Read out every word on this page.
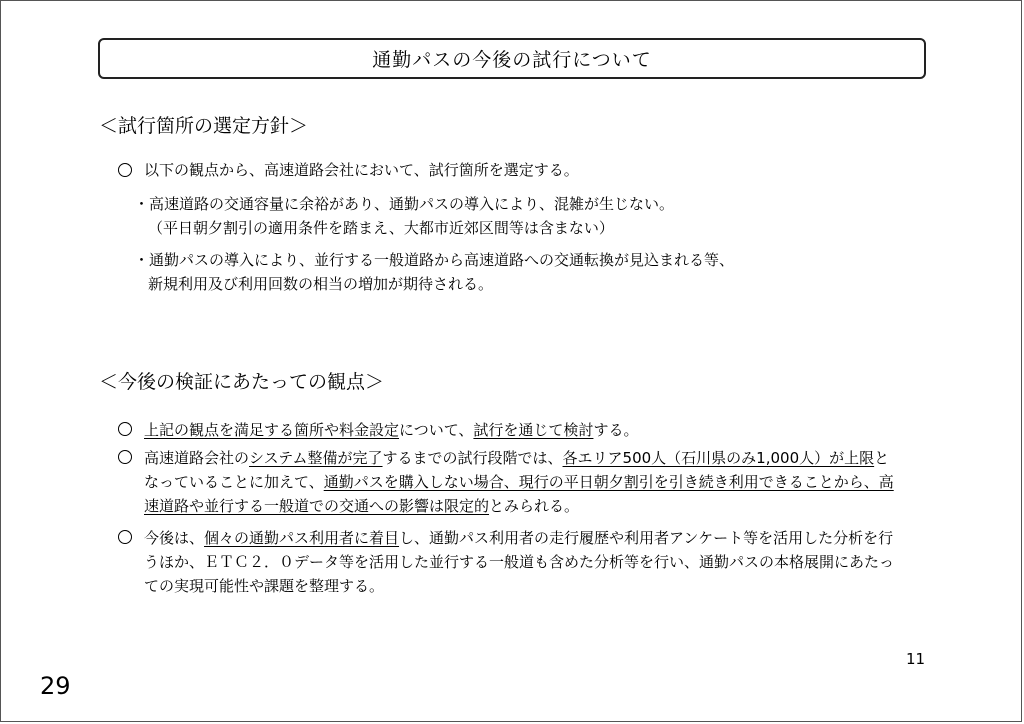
通勤パスの今後の試行について
＜試行箇所の選定方針＞
以下の観点から、高速道路会社において、試行箇所を選定する。
・高速道路の交通容量に余裕があり、通勤パスの導入により、混雑が生じない。
（平日朝夕割引の適用条件を踏まえ、大都市近郊区間等は含まない）
・通勤パスの導入により、並行する一般道路から高速道路への交通転換が見込まれる等、
新規利用及び利用回数の相当の増加が期待される。
＜今後の検証にあたっての観点＞
上記の観点を満足する箇所や料金設定について、試行を通じて検討する。
高速道路会社のシステム整備が完了するまでの試行段階では、各エリア500人（石川県のみ1,000人）が上限となっていることに加えて、通勤パスを購入しない場合、現行の平日朝夕割引を引き続き利用できることから、高速道路や並行する一般道での交通への影響は限定的とみられる。
今後は、個々の通勤パス利用者に着目し、通勤パス利用者の走行履歴や利用者アンケート等を活用した分析を行うほか、ＥＴＣ２．０データ等を活用した並行する一般道も含めた分析等を行い、通勤パスの本格展開にあたっての実現可能性や課題を整理する。
11
29
